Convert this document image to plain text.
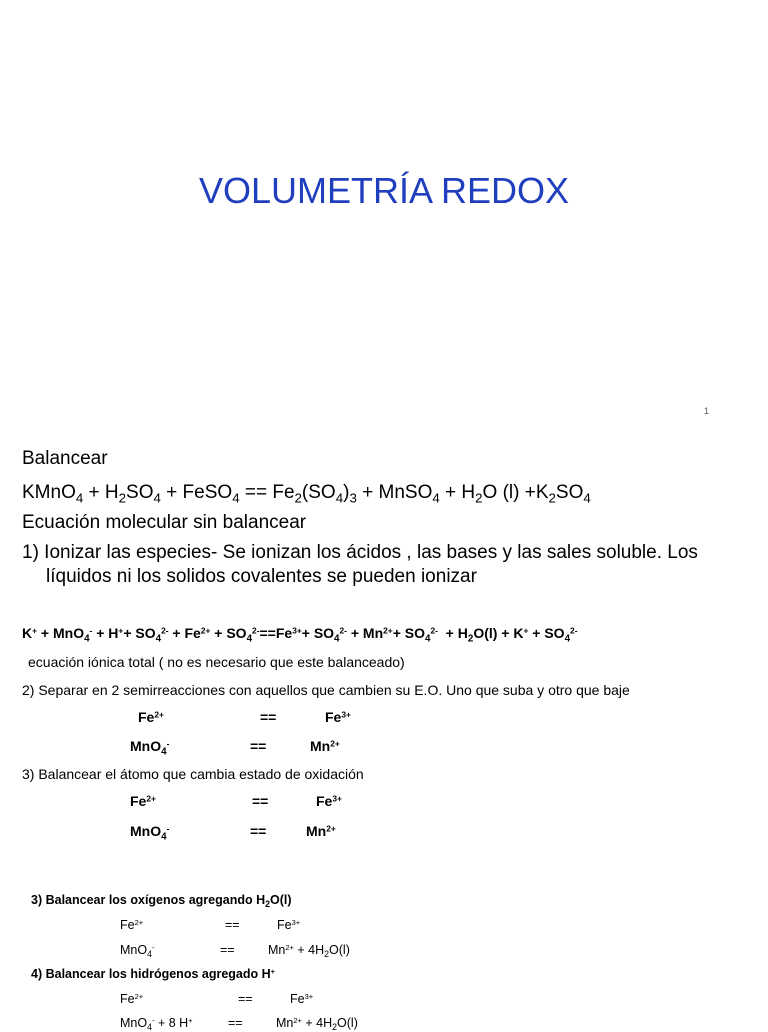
VOLUMETRÍA REDOX
1
Balancear
KMnO$_4$ + $H_2SO_4$ + FeSO$_4$ == $Fe_2(SO_4)_3$ + MnSO$_4$ + $H_2O$ $(l) +K_2SO_4$
Ecuación molecular sin balancear
1) Ionizar las especies- Se ionizan los ácidos , las bases y las sales soluble. Los
líquidos ni los solidos covalentes se pueden ionizar
$K^+ + MnO_4^- + H^++ SO_4^{2-} + Fe^{2+} + SO_4^{2-}==Fe^{3+}+ SO_4^{2-} + Mn^{2+}+ SO_4^{2-} + H_2O(l) + K^+ + SO_4^{2-}$
ecuación iónica total ( no es necesario que este balanceado)
2) Separar en 2 semirreacciones con aquellos que cambien su E.O. Uno que suba y otro que baje
$Fe^{2+}$	==	$Fe^{3+}$
MnO$_4$-	==	$Mn^{2+}$
3) Balancear el átomo que cambia estado de oxidación
$Fe^{2+}$	==	$Fe^{3+}$
MnO$_4$-	==	$Mn^{2+}$
3) Balancear los oxígenos agregando $H_2O(l)$
$Fe^{2+}$	==	$Fe^{3+}$
MnO$_4$-	==	$Mn^{2+} + 4H_2O(l)$
4) Balancear los hidrógenos agregado H+
$Fe^{2+}$	==	$Fe^{3+}$
MnO$_4$- + 8 H+	==	$Mn^{2+} + 4H_2O(l)$
